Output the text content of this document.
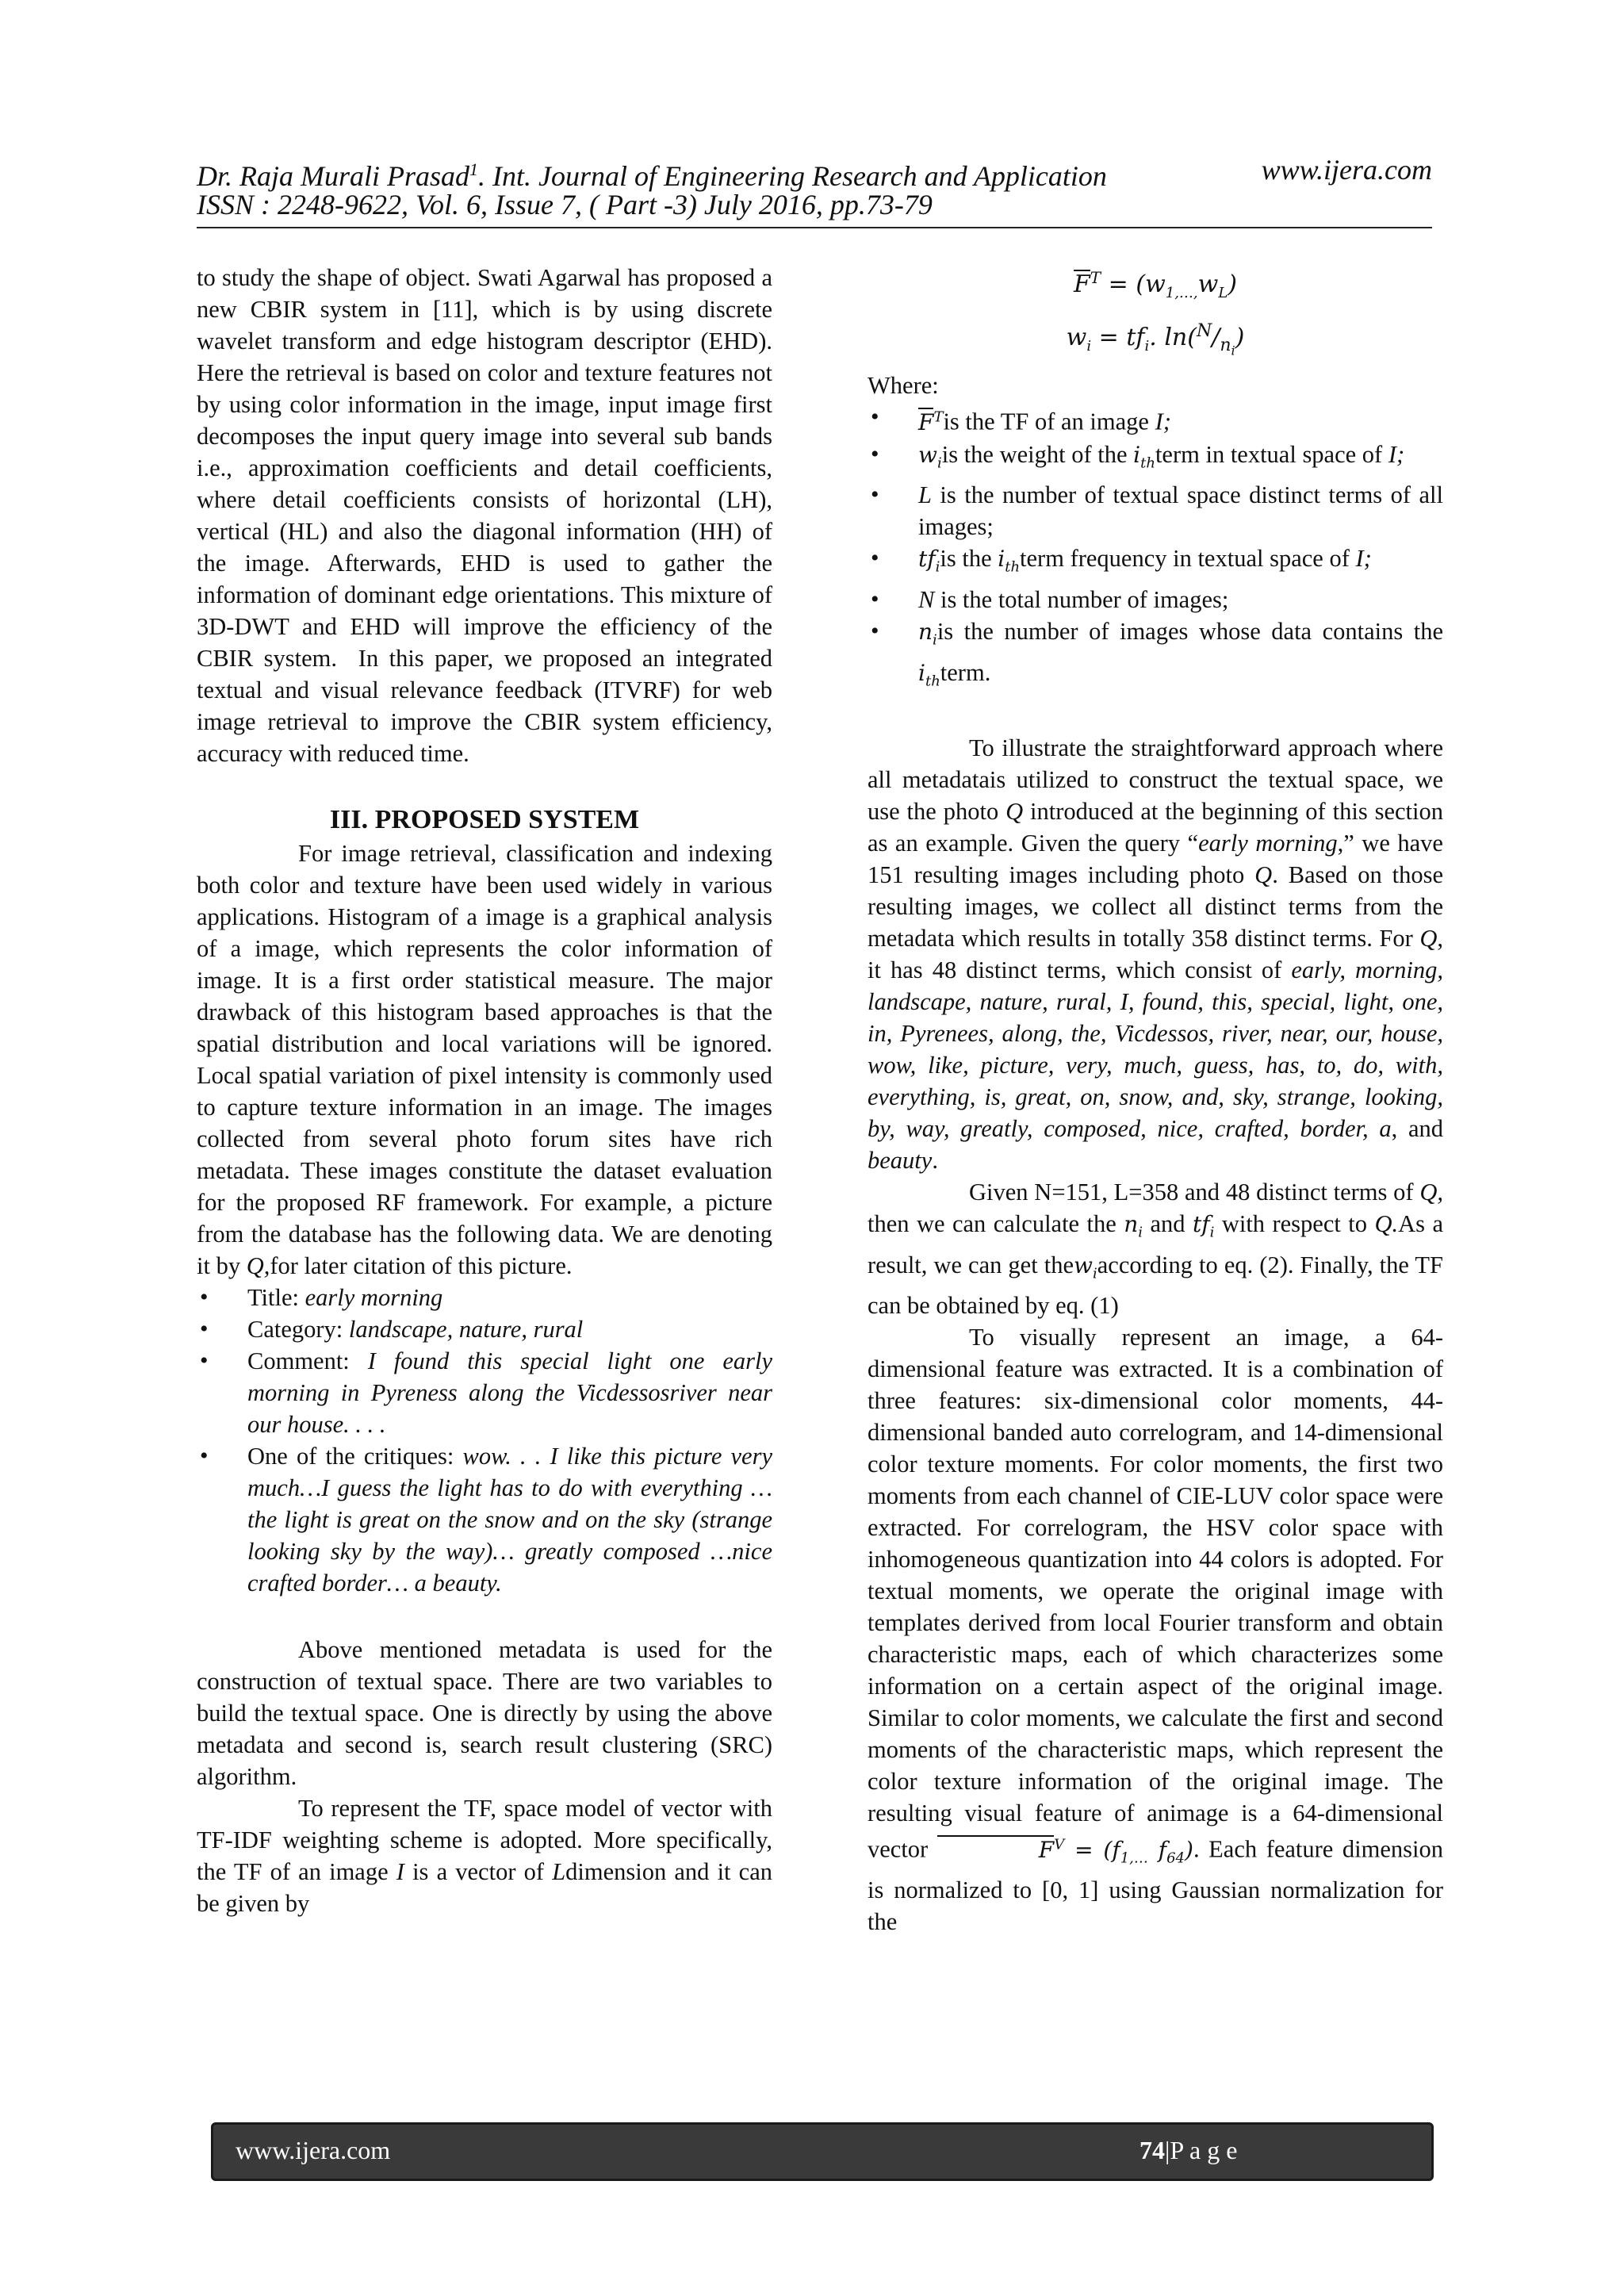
Dr. Raja Murali Prasad$^1$. Int. Journal of Engineering Research and Application	www.ijera.com
ISSN : 2248-9622, Vol. 6, Issue 7, ( Part -3) July 2016, pp.73-79

to study the shape of object. Swati Agarwal has proposed a new CBIR system in [11], which is by using discrete wavelet transform and edge histogram descriptor (EHD). Here the retrieval is based on color and texture features not by using color information in the image, input image first decomposes the input query image into several sub bands i.e., approximation coefficients and detail coefficients, where detail coefficients consists of horizontal (LH), vertical (HL) and also the diagonal information (HH) of the image. Afterwards, EHD is used to gather the information of dominant edge orientations. This mixture of 3D-DWT and EHD will improve the efficiency of the CBIR system.  In this paper, we proposed an integrated textual and visual relevance feedback (ITVRF) for web image retrieval to improve the CBIR system efficiency, accuracy with reduced time.

III. PROPOSED SYSTEM

For image retrieval, classification and indexing both color and texture have been used widely in various applications. Histogram of a image is a graphical analysis of a image, which represents the color information of image. It is a first order statistical measure. The major drawback of this histogram based approaches is that the spatial distribution and local variations will be ignored. Local spatial variation of pixel intensity is commonly used to capture texture information in an image. The images collected from several photo forum sites have rich metadata. These images constitute the dataset evaluation for the proposed RF framework. For example, a picture from the database has the following data. We are denoting it by Q,for later citation of this picture.

• Title: early morning
• Category: landscape, nature, rural
• Comment: I found this special light one early morning in Pyreness along the Vicdessosriver near our house. . . .
• One of the critiques: wow. . . I like this picture very much…I guess the light has to do with everything … the light is great on the snow and on the sky (strange looking sky by the way)… greatly composed …nice crafted border… a beauty.

Above mentioned metadata is used for the construction of textual space. There are two variables to build the textual space. One is directly by using the above metadata and second is, search result clustering (SRC) algorithm.

To represent the TF, space model of vector with TF-IDF weighting scheme is adopted. More specifically, the TF of an image I is a vector of Ldimension and it can be given by

$F^T = (w_{1,\dots,}w_L)$
$w_i = tf_i$. $\ln(^N/_{n_i})$

Where:

• $F^Tis$ the TF of an image I;
• $w_iis$ the weight of the $i_{th}term$ in textual space of I;
• L is the number of textual space distinct terms of all images;
• $tf_iis$ the $i_{th}term$ frequency in textual space of I;
• N is the total number of images;
• $n_iis$ the number of images whose data contains the $i_{th}term$.

To illustrate the straightforward approach where all metadatais utilized to construct the textual space, we use the photo Q introduced at the beginning of this section as an example. Given the query “early morning,” we have 151 resulting images including photo Q. Based on those resulting images, we collect all distinct terms from the metadata which results in totally 358 distinct terms. For Q, it has 48 distinct terms, which consist of early, morning, landscape, nature, rural, I, found, this, special, light, one, in, Pyrenees, along, the, Vicdessos, river, near, our, house, wow, like, picture, very, much, guess, has, to, do, with, everything, is, great, on, snow, and, sky, strange, looking, by, way, greatly, composed, nice, crafted, border, a, and beauty.

Given N=151, L=358 and 48 distinct terms of Q, then we can calculate the $n_i$ and $tf_i$ with respect to Q.As a result, we can get thew$_i$according to eq. (2). Finally, the TF can be obtained by eq. (1)

To visually represent an image, a 64-dimensional feature was extracted. It is a combination of three features: six-dimensional color moments, 44-dimensional banded auto correlogram, and 14-dimensional color texture moments. For color moments, the first two moments from each channel of CIE-LUV color space were extracted. For correlogram, the HSV color space with inhomogeneous quantization into 44 colors is adopted. For textual moments, we operate the original image with templates derived from local Fourier transform and obtain characteristic maps, each of which characterizes some information on a certain aspect of the original image. Similar to color moments, we calculate the first and second moments of the characteristic maps, which represent the color texture information of the original image. The resulting visual feature of animage is a 64-dimensional vector	$F^V = (f_{1,\dots}$ $f_{64}$). Each feature dimension is normalized to [0, 1] using Gaussian normalization for the

www.ijera.com	74|P a g e
